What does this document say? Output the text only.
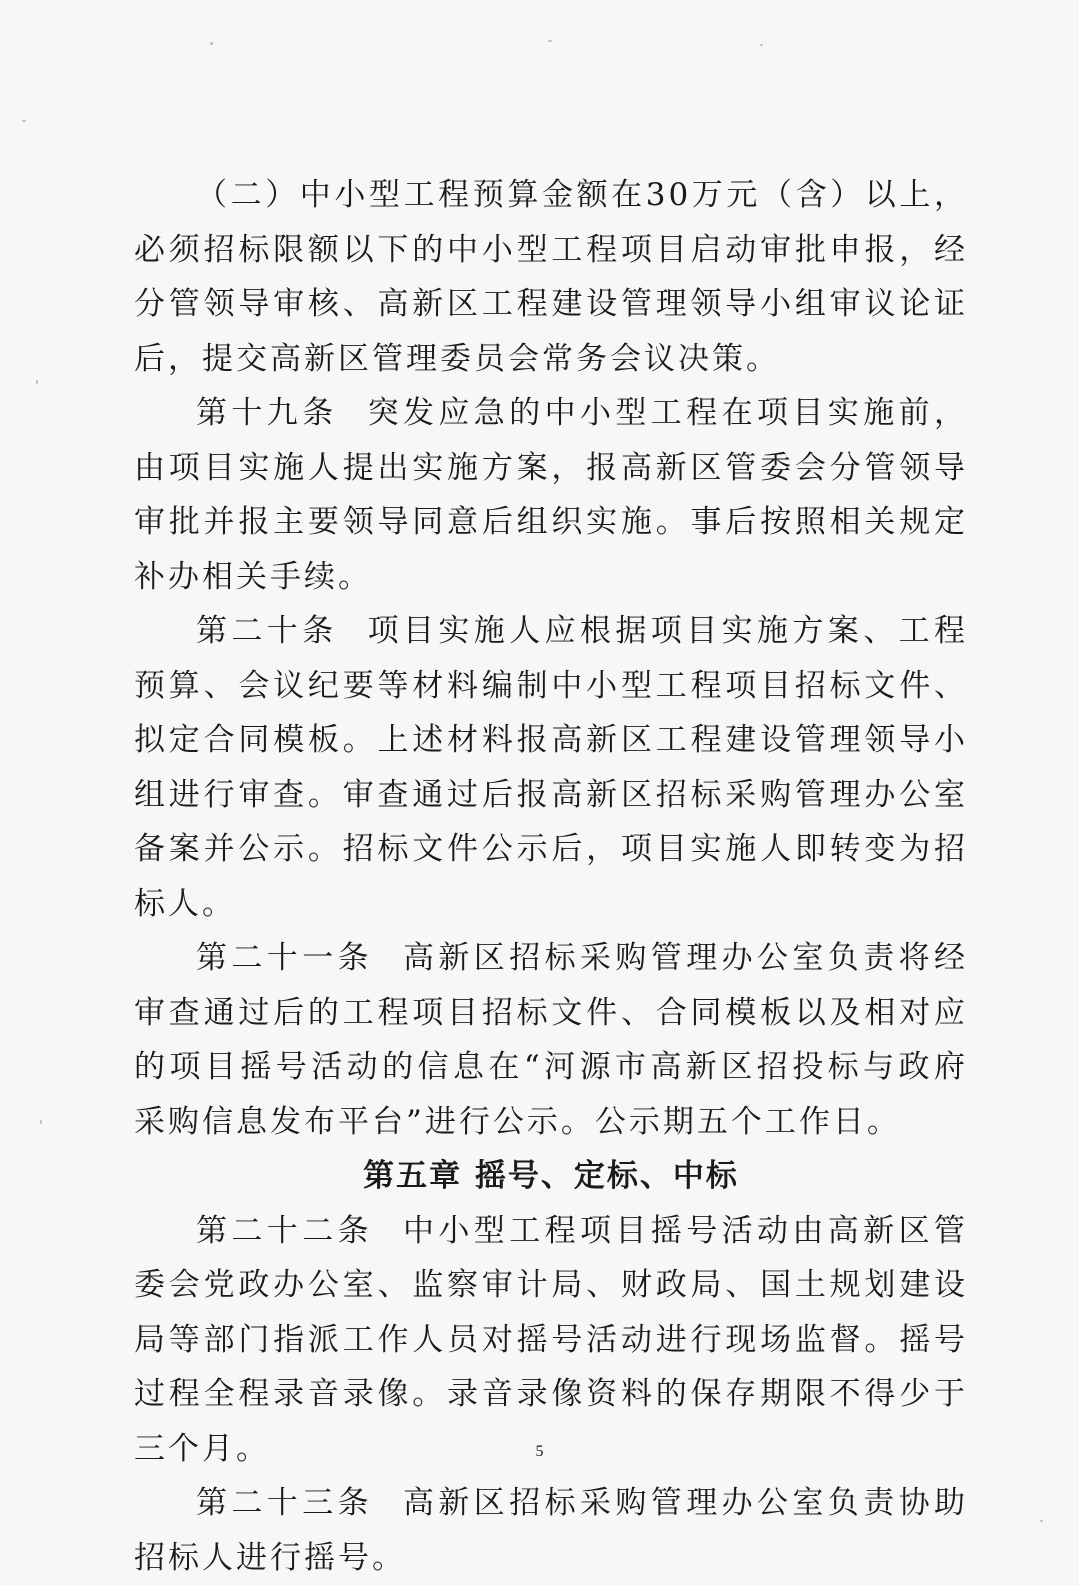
（二）中小型工程预算金额在30万元（含）以上，必须招标限额以下的中小型工程项目启动审批申报，经分管领导审核、高新区工程建设管理领导小组审议论证后，提交高新区管理委员会常务会议决策。

第十九条 突发应急的中小型工程在项目实施前，由项目实施人提出实施方案，报高新区管委会分管领导审批并报主要领导同意后组织实施。事后按照相关规定补办相关手续。

第二十条 项目实施人应根据项目实施方案、工程预算、会议纪要等材料编制中小型工程项目招标文件、拟定合同模板。上述材料报高新区工程建设管理领导小组进行审查。审查通过后报高新区招标采购管理办公室备案并公示。招标文件公示后，项目实施人即转变为招标人。

第二十一条 高新区招标采购管理办公室负责将经审查通过后的工程项目招标文件、合同模板以及相对应的项目摇号活动的信息在“河源市高新区招投标与政府采购信息发布平台”进行公示。公示期五个工作日。

第五章 摇号、定标、中标

第二十二条 中小型工程项目摇号活动由高新区管委会党政办公室、监察审计局、财政局、国土规划建设局等部门指派工作人员对摇号活动进行现场监督。摇号过程全程录音录像。录音录像资料的保存期限不得少于三个月。

第二十三条 高新区招标采购管理办公室负责协助招标人进行摇号。

5
